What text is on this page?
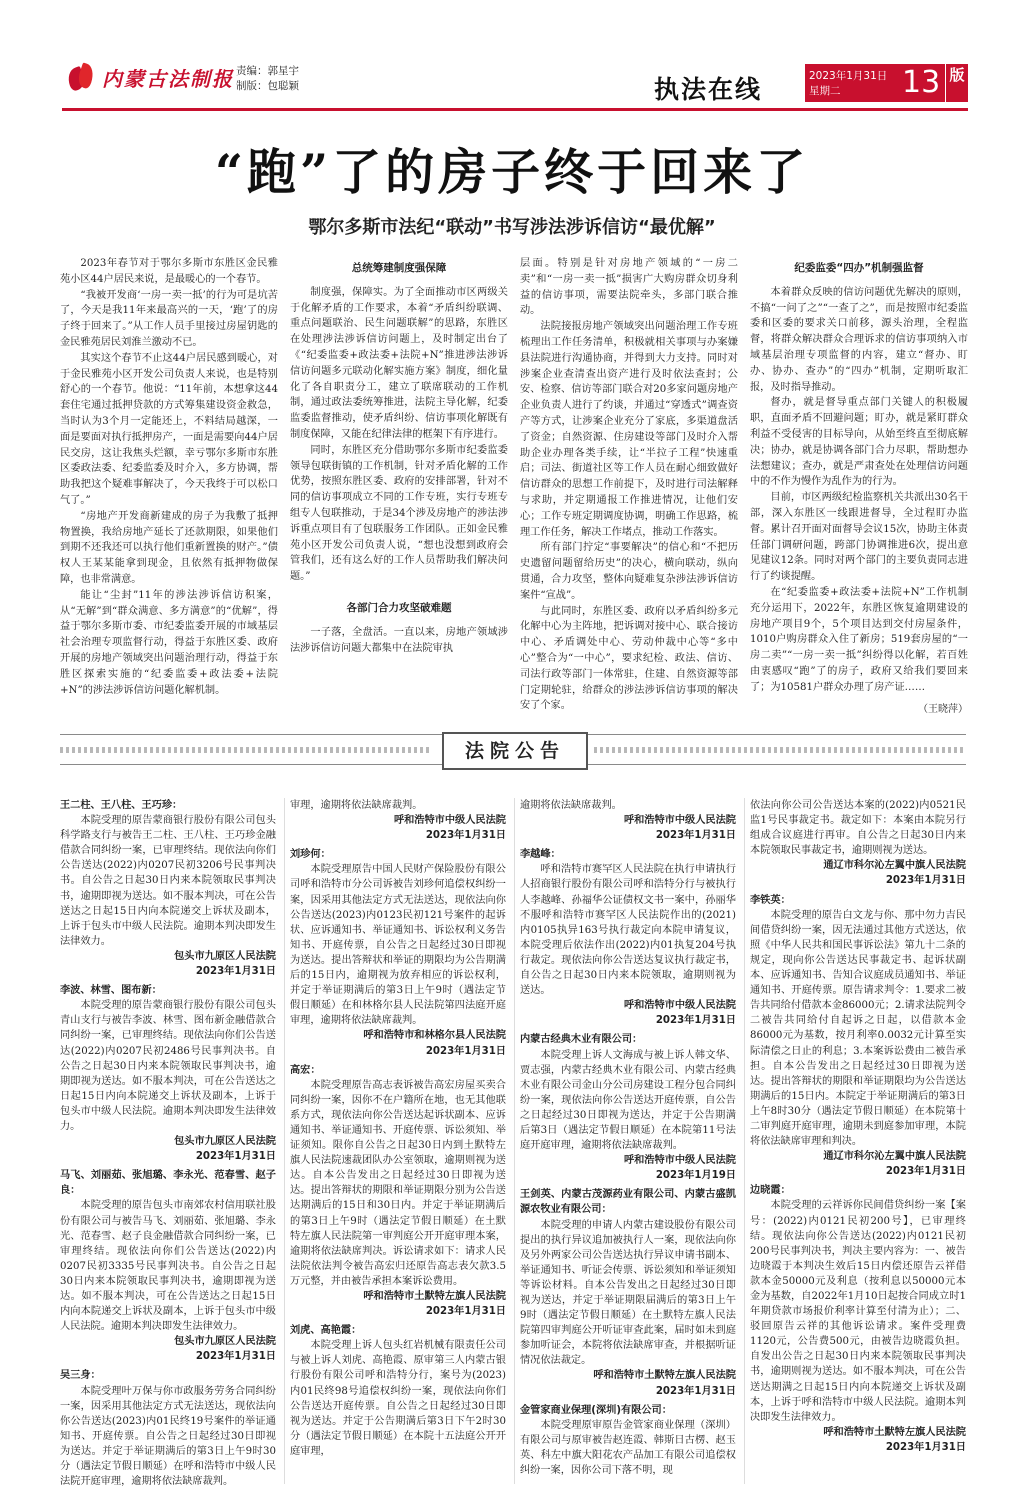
内蒙古法制报 责编：郭星宇
制版：包聪颖	执法在线	2023年1月31日
星期二	13 版
“跑”了的房子终于回来了
鄂尔多斯市法纪“联动”书写涉法涉诉信访“最优解”

2023年春节对于鄂尔多斯市东胜区金民雅苑小区44户居民来说，是最暖心的一个春节。

“我被开发商‘一房一卖一抵’的行为可是坑苦了，今天是我11年来最高兴的一天，‘跑’了的房子终于回来了。”从工作人员手里接过房屋钥匙的金民雅苑居民刘淮兰激动不已。

其实这个春节不止这44户居民感到暖心，对于金民雅苑小区开发公司负责人来说，也是特别舒心的一个春节。他说：“11年前，本想拿这44套住宅通过抵押贷款的方式筹集建设资金救急，当时认为3个月一定能还上，不料结局越深，一面是要面对执行抵押房产，一面是需要向44户居民交房，这让我焦头烂额，幸亏鄂尔多斯市东胜区委政法委、纪委监委及时介入，多方协调，帮助我把这个疑难事解决了，今天我终于可以松口气了。”

“房地产开发商新建成的房子为我敷了抵押物置换，我给房地产延长了还款期限，如果他们到期不还我还可以执行他们重新置换的财产。”债权人王某某能拿到现金，且依然有抵押物做保障，也非常满意。

能让“尘封”11年的涉法涉诉信访积案，从“无解”到“群众满意、多方满意”的“优解”，得益于鄂尔多斯市委、市纪委监委开展的市域基层社会治理专项监督行动，得益于东胜区委、政府开展的房地产领域突出问题治理行动，得益于东胜区探索实施的“纪委监委+政法委+法院+N”的涉法涉诉信访问题化解机制。

总统筹建制度强保障

制度强，保障实。为了全面推动市区两级关于化解矛盾的工作要求，本着“矛盾纠纷联调、重点问题联治、民生问题联解”的思路，东胜区在处理涉法涉诉信访问题上，及时制定出台了《“纪委监委+政法委+法院+N”推进涉法涉诉信访问题多元联动化解实施方案》制度，细化量化了各自职责分工，建立了联席联动的工作机制，通过政法委统筹推进，法院主导化解，纪委监委监督推动，使矛盾纠纷、信访事项化解既有制度保障，又能在纪律法律的框架下有序进行。

同时，东胜区充分借助鄂尔多斯市纪委监委领导包联街镇的工作机制，针对矛盾化解的工作优势，按照东胜区委、政府的安排部署，针对不同的信访事项成立不同的工作专班，实行专班专组专人包联推动，于是34个涉及房地产的涉法涉诉重点项目有了包联服务工作团队。正如金民雅苑小区开发公司负责人说，“想也没想到政府会管我们，还有这么好的工作人员帮助我们解决问题。”

各部门合力攻坚破难题

一子落，全盘活。一直以来，房地产领域涉法涉诉信访问题大都集中在法院审执

层面。特别是针对房地产领域的“一房二卖”和“一房一卖一抵”损害广大购房群众切身利益的信访事项，需要法院牵头，多部门联合推动。

法院接报房地产领域突出问题治理工作专班梳理出工作任务清单，积极就相关事项与办案嫌县法院进行沟通协商，并得到大力支持。同时对涉案企业查清查出资产进行及时依法查封；公安、检察、信访等部门联合对20多家问题房地产企业负责人进行了约谈，并通过“穿透式”调查资产等方式，让涉案企业充分了家底，多渠道盘活了资金；自然资源、住房建设等部门及时介入帮助企业办理各类手续，让“半拉子工程”快速重启；司法、街道社区等工作人员在耐心细致做好信访群众的思想工作前提下，及时进行司法解释与求助，并定期通报工作推进情况，让他们安心；工作专班定期调度协调，明确工作思路，梳理工作任务，解决工作堵点，推动工作落实。

所有部门拧定“事要解决”的信心和“不把历史遗留问题留给历史”的决心，横向联动，纵向贯通，合力攻坚，整体向疑难复杂涉法涉诉信访案件“宣战”。

与此同时，东胜区委、政府以矛盾纠纷多元化解中心为主阵地，把诉调对接中心、联合接访中心、矛盾调处中心、劳动仲裁中心等“多中心”整合为“一中心”，要求纪检、政法、信访、司法行政等部门一体常驻，住建、自然资源等部门定期轮驻，给群众的涉法涉诉信访事项的解决安了个家。

纪委监委“四办”机制强监督

本着群众反映的信访问题优先解决的原则，不搞“一问了之”“一查了之”，而是按照市纪委监委和区委的要求关口前移，源头治理，全程监督，将群众解决群众合理诉求的信访事项纳入市域基层治理专项监督的内容，建立“督办、盯办、协办、查办”的“四办”机制，定期听取汇报，及时指导推动。

督办，就是督导重点部门关键人的积极履职，直面矛盾不回避问题；盯办，就是紧盯群众利益不受侵害的目标导向，从始至终直至彻底解决；协办，就是协调各部门合力尽职，帮助想办法想建议；查办，就是严肃查处在处理信访问题中的不作为慢作为乱作为的行为。

目前，市区两级纪检监察机关共派出30名干部，深入东胜区一线跟进督导，全过程盯办监督。累计召开面对面督导会议15次，协助主体责任部门调研问题，跨部门协调推进6次，提出意见建议12条。同时对两个部门的主要负责同志进行了约谈提醒。

在“纪委监委+政法委+法院+N”工作机制充分运用下，2022年，东胜区恢复逾期建设的房地产项目9个，5个项目达到交付房屋条件，1010户购房群众入住了新房；519套房屋的“一房二卖”“一房一卖一抵”纠纷得以化解，若百姓由衷感叹“跑”了的房子，政府又给我们要回来了；为10581户群众办理了房产证……

（王晓萍）
法院公告

王二柱、王八柱、王巧珍：

本院受理的原告蒙商银行股份有限公司包头科学路支行与被告王二柱、王八柱、王巧珍金融借款合同纠纷一案，已审理终结。现依法向你们公告送达(2022)内0207民初3206号民事判决书。自公告之日起30日内来本院领取民事判决书，逾期即视为送达。如不服本判决，可在公告送达之日起15日内向本院递交上诉状及副本，上诉于包头市中级人民法院。逾期本判决即发生法律效力。

包头市九原区人民法院

2023年1月31日

李波、林雪、图布新：

本院受理的原告蒙商银行股份有限公司包头青山支行与被告李波、林雪、图布新金融借款合同纠纷一案，已审理终结。现依法向你们公告送达(2022)内0207民初2486号民事判决书。自公告之日起30日内来本院领取民事判决书，逾期即视为送达。如不服本判决，可在公告送达之日起15日内向本院递交上诉状及副本，上诉于包头市中级人民法院。逾期本判决即发生法律效力。

包头市九原区人民法院

2023年1月31日

马飞、刘丽茹、张旭璐、李永光、范春雪、赵子良：

本院受理的原告包头市南郊农村信用联社股份有限公司与被告马飞、刘丽茹、张旭璐、李永光、范春雪、赵子良金融借款合同纠纷一案，已审理终结。现依法向你们公告送达(2022)内0207民初3335号民事判决书。自公告之日起30日内来本院领取民事判决书，逾期即视为送达。如不服本判决，可在公告送达之日起15日内向本院递交上诉状及副本，上诉于包头市中级人民法院。逾期本判决即发生法律效力。

包头市九原区人民法院

2023年1月31日

吴三身：

本院受理叶万保与你市政服务劳务合同纠纷一案，因采用其他法定方式无法送达，现依法向你公告送达(2023)内01民终19号案件的举证通知书、开庭传票。自公告之日起经过30日即视为送达。并定于举证期满后的第3日上午9时30分（遇法定节假日顺延）在呼和浩特市中级人民法院开庭审理，逾期将依法缺席裁判。

审理，逾期将依法缺席裁判。

呼和浩特市中级人民法院

2023年1月31日

刘珍何：

本院受理原告中国人民财产保险股份有限公司呼和浩特市分公司诉被告刘珍何追偿权纠纷一案，因采用其他法定方式无法送达，现依法向你公告送达(2023)内0123民初121号案件的起诉状、应诉通知书、举证通知书、诉讼权利义务告知书、开庭传票，自公告之日起经过30日即视为送达。提出答辩状和举证的期限均为公告期满后的15日内，逾期视为放弃相应的诉讼权利，并定于举证期满后的第3日上午9时（遇法定节假日顺延）在和林格尔县人民法院第四法庭开庭审理，逾期将依法缺席裁判。

呼和浩特市和林格尔县人民法院

2023年1月31日

高宏：

本院受理原告高志表诉被告高宏房屋买卖合同纠纷一案，因你不在户籍所在地，也无其他联系方式，现依法向你公告送达起诉状副本、应诉通知书、举证通知书、开庭传票、诉讼须知、举证须知。限你自公告之日起30日内到土默特左旗人民法院速裁团队办公室领取，逾期则视为送达。自本公告发出之日起经过30日即视为送达。提出答辩状的期限和举证期限分别为公告送达期满后的15日和30日内。并定于举证期满后的第3日上午9时（遇法定节假日顺延）在土默特左旗人民法院第一审判庭公开开庭审理本案，逾期将依法缺席判决。诉讼请求如下：请求人民法院依法判令被告高宏归还原告高志表欠款3.5万元整，并由被告承担本案诉讼费用。

呼和浩特市土默特左旗人民法院

2023年1月31日

刘虎、高艳霞：

本院受理上诉人包头红岩机械有限责任公司与被上诉人刘虎、高艳霞、原审第三人内蒙古银行股份有限公司呼和浩特分行，案号为(2023)内01民终98号追偿权纠纷一案，现依法向你们公告送达开庭传票。自公告之日起经过30日即视为送达。并定于公告期满后第3日下午2时30分（遇法定节假日顺延）在本院十五法庭公开开庭审理，

逾期将依法缺席裁判。

呼和浩特市中级人民法院

2023年1月31日

李越峰：

呼和浩特市赛罕区人民法院在执行申请执行人招商银行股份有限公司呼和浩特分行与被执行人李越峰、孙福华公证债权文书一案中，孙丽华不服呼和浩特市赛罕区人民法院作出的(2021)内0105执异163号执行裁定向本院申请复议，本院受理后依法作出(2022)内01执复204号执行裁定。现依法向你公告送达复议执行裁定书，自公告之日起30日内来本院领取，逾期则视为送达。

呼和浩特市中级人民法院

2023年1月31日

内蒙古经典木业有限公司：

本院受理上诉人文海成与被上诉人韩文华、贾志强，内蒙古经典木业有限公司、内蒙古经典木业有限公司金山分公司房建设工程分包合同纠纷一案，现依法向你公告送达开庭传票，自公告之日起经过30日即视为送达，并定于公告期满后第3日（遇法定节假日顺延）在本院第11号法庭开庭审理，逾期将依法缺席裁判。

呼和浩特市中级人民法院

2023年1月19日

王剑英、内蒙古茂源药业有限公司、内蒙古盛凯源农牧业有限公司：

本院受理的申请人内蒙古建设股份有限公司提出的执行异议追加被执行人一案，现依法向你及另外两家公司公告送达执行异议申请书副本、举证通知书、听证会传票、诉讼须知和举证须知等诉讼材料。自本公告发出之日起经过30日即视为送达，并定于举证期限届满后的第3日上午9时（遇法定节假日顺延）在土默特左旗人民法院第四审判庭公开听证审查此案，届时如未到庭参加听证会，本院将依法缺席审查，并根据听证情况依法裁定。

呼和浩特市土默特左旗人民法院

2023年1月31日

金管家商业保理(深圳)有限公司：

本院受理原审原告金管家商业保理（深圳）有限公司与原审被告赵连霞、韩斯日古楞、赵玉英、科左中旗大阳花农产品加工有限公司追偿权纠纷一案，因你公司下落不明，现

依法向你公司公告送达本案的(2022)内0521民监1号民事裁定书。裁定如下：本案由本院另行组成合议庭进行再审。自公告之日起30日内来本院领取民事裁定书，逾期则视为送达。

通辽市科尔沁左翼中旗人民法院

2023年1月31日

李铁英：

本院受理的原告白文龙与你、那中勿力吉民间借贷纠纷一案，因无法通过其他方式送达，依照《中华人民共和国民事诉讼法》第九十二条的规定，现向你公告送达民事裁定书、起诉状副本、应诉通知书、告知合议庭成员通知书、举证通知书、开庭传票。原告请求判令：1.要求二被告共同给付借款本金86000元；2.请求法院判令二被告共同给付自起诉之日起，以借款本金86000元为基数，按月利率0.0032元计算至实际清偿之日止的利息；3.本案诉讼费由二被告承担。自本公告发出之日起经过30日即视为送达。提出答辩状的期限和举证期限均为公告送达期满后的15日内。本院定于举证期满后的第3日上午8时30分（遇法定节假日顺延）在本院第十二审判庭开庭审理，逾期未到庭参加审理，本院将依法缺席审理和判决。

通辽市科尔沁左翼中旗人民法院

2023年1月31日

边晓霞：

本院受理的云祥诉你民间借贷纠纷一案【案号：(2022)内0121民初200号】，已审理终结。现依法向你公告送达(2022)内0121民初200号民事判决书，判决主要内容为：一、被告边晓霞于本判决生效后15日内偿还原告云祥借款本金50000元及利息（按利息以50000元本金为基数，自2022年1月10日起按合同成立时1年期贷款市场报价利率计算至付清为止）；二、驳回原告云祥的其他诉讼请求。案件受理费1120元，公告费500元，由被告边晓霞负担。自发出公告之日起30日内来本院领取民事判决书，逾期则视为送达。如不服本判决，可在公告送达期满之日起15日内向本院递交上诉状及副本，上诉于呼和浩特市中级人民法院。逾期本判决即发生法律效力。

呼和浩特市土默特左旗人民法院

2023年1月31日
